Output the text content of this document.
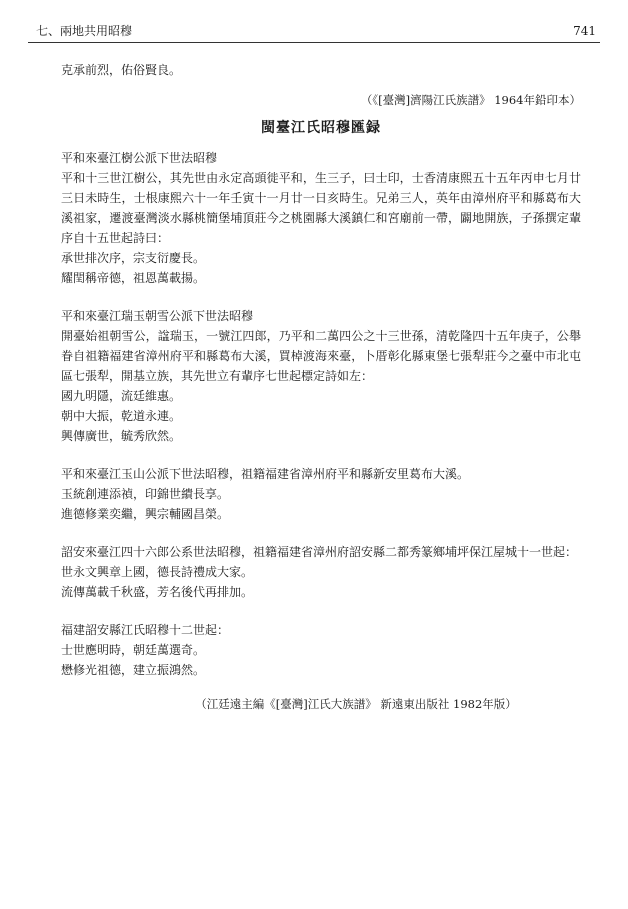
七、兩地共用昭穆	741
克承前烈，佑俗賢良。
（《[臺灣]濟陽江氏族譜》 1964年鉛印本）
閩臺江氏昭穆匯録
平和來臺江樹公派下世法昭穆
平和十三世江樹公，其先世由永定高頭徙平和，生三子，曰士印，士香清康熙五十五年丙申七月廿三日未時生，士根康熙六十一年壬寅十一月廿一日亥時生。兄弟三人，英年由漳州府平和縣葛布大溪祖家，遷渡臺灣淡水縣桃簡堡埔頂莊今之桃園縣大溪鎮仁和宮廟前一帶，闢地開族，子孫撰定輩序自十五世起詩曰：
承世排次序，宗支衍慶長。
耀閏稱帝德，祖恩萬載揚。
平和來臺江瑞玉朝雪公派下世法昭穆
開臺始祖朝雪公，諡瑞玉，一號江四郎，乃平和二萬四公之十三世孫，清乾隆四十五年庚子，公舉眷自祖籍福建省漳州府平和縣葛布大溪，買棹渡海來臺，卜厝彰化縣東堡七張犁莊今之臺中市北屯區七張犁，開基立族，其先世立有輩序七世起標定詩如左：
國九明隱，流廷維惠。
朝中大振，乾道永連。
興傳廣世，毓秀欣然。
平和來臺江玉山公派下世法昭穆，祖籍福建省漳州府平和縣新安里葛布大溪。
玉統創連添禎，印錦世繢長享。
進德修業奕繼，興宗輔國昌榮。
詔安來臺江四十六郎公系世法昭穆，祖籍福建省漳州府詔安縣二都秀篆鄉埔坪保江屋城十一世起：
世永文興章上國，德長詩禮成大家。
流傳萬載千秋盛，芳名後代再排加。
福建詔安縣江氏昭穆十二世起：
士世應明時，朝廷萬選奇。
懋修光祖德，建立振鴻然。
（江廷遠主編《[臺灣]江氏大族譜》 新遠東出版社 1982年版）
